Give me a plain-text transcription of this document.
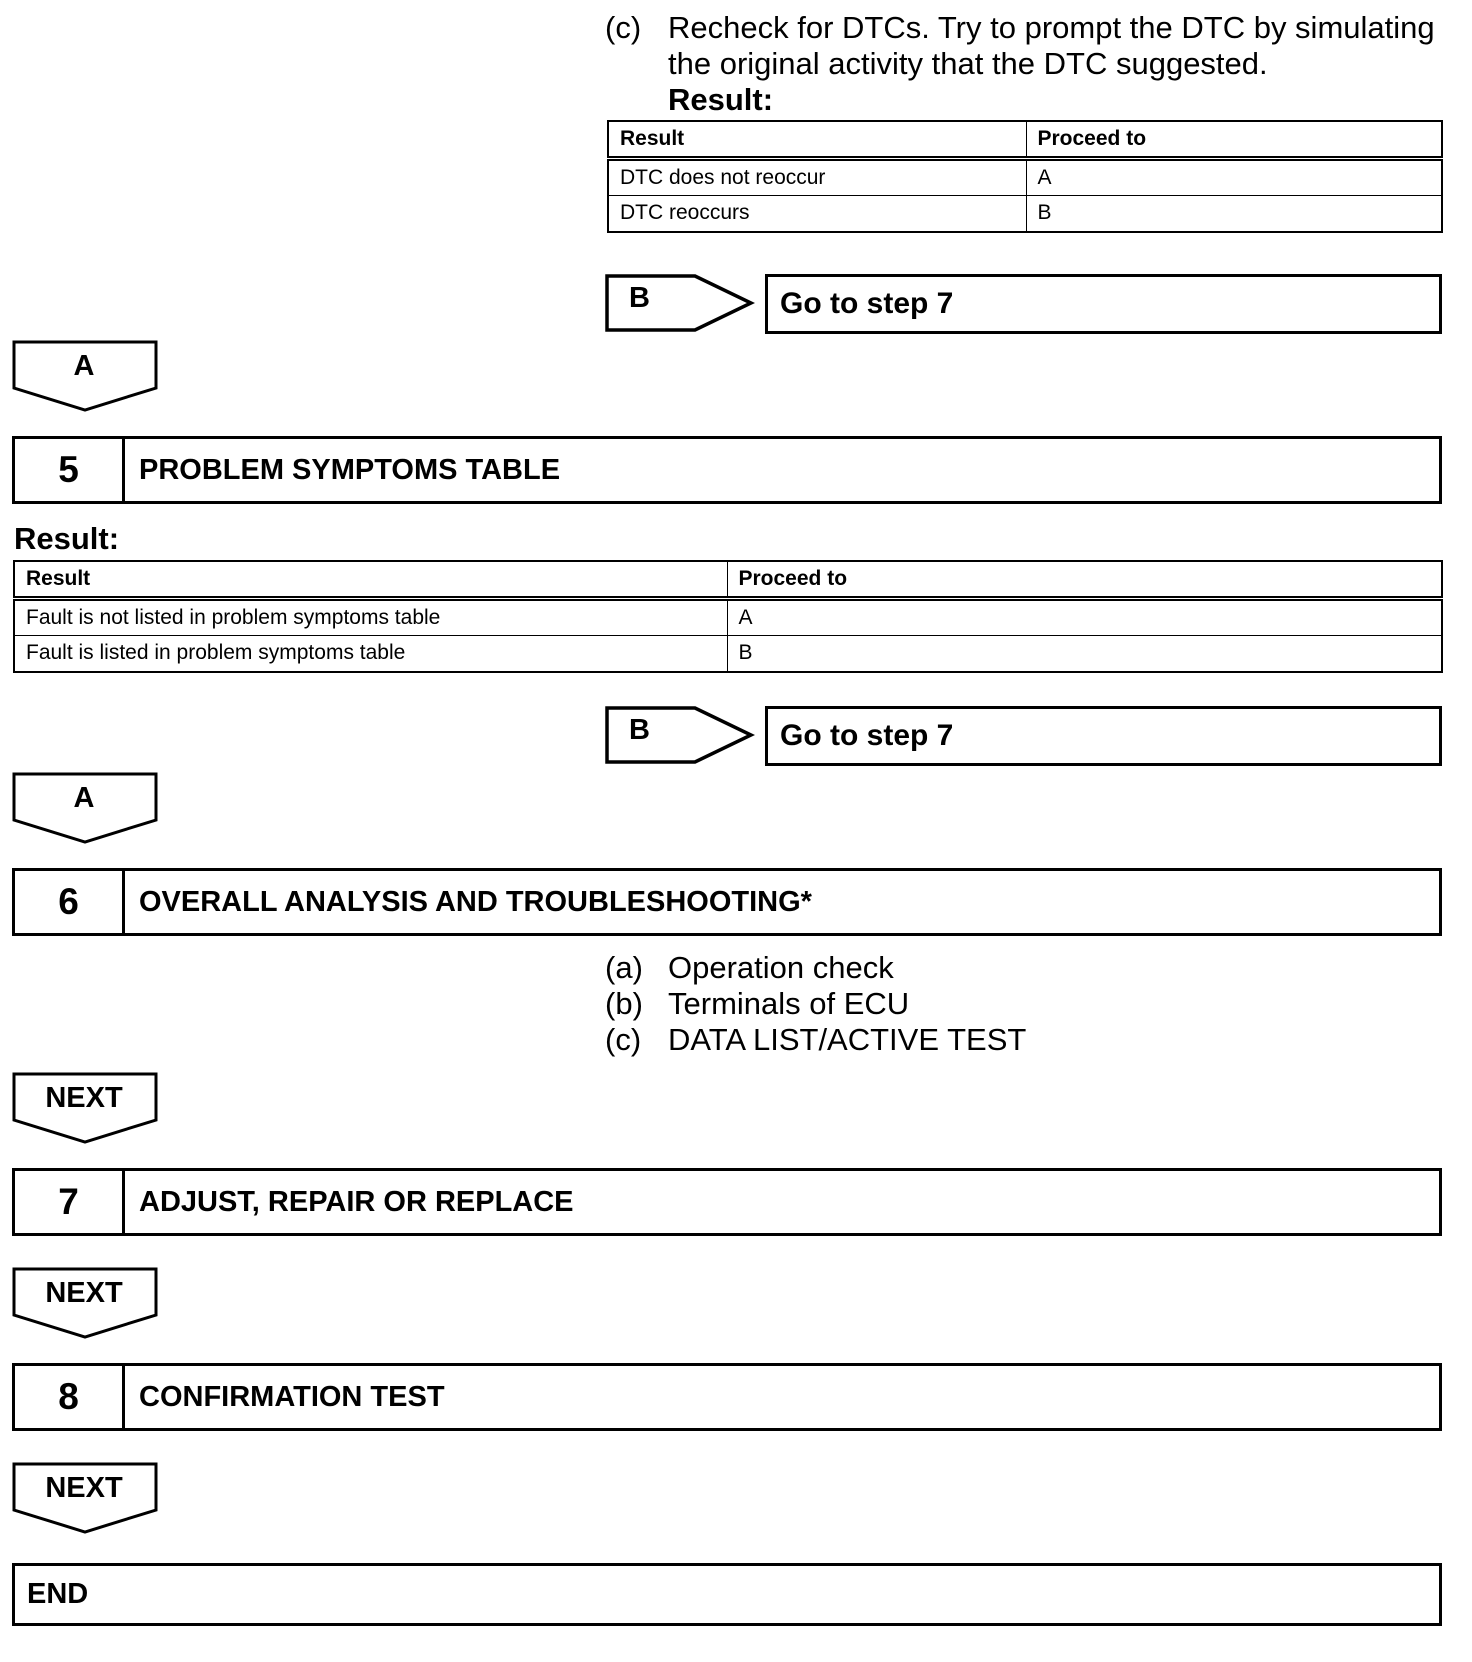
(c) Recheck for DTCs. Try to prompt the DTC by simulating
the original activity that the DTC suggested.
Result:
Result	Proceed to
DTC does not reoccur	A
DTC reoccurs	B
B	Go to step 7
A
5	PROBLEM SYMPTOMS TABLE
Result:
Result	Proceed to
Fault is not listed in problem symptoms table	A
Fault is listed in problem symptoms table	B
B	Go to step 7
A
6	OVERALL ANALYSIS AND TROUBLESHOOTING*
(a) Operation check
(b) Terminals of ECU
(c) DATA LIST/ACTIVE TEST
NEXT
7	ADJUST, REPAIR OR REPLACE
NEXT
8	CONFIRMATION TEST
NEXT
END
